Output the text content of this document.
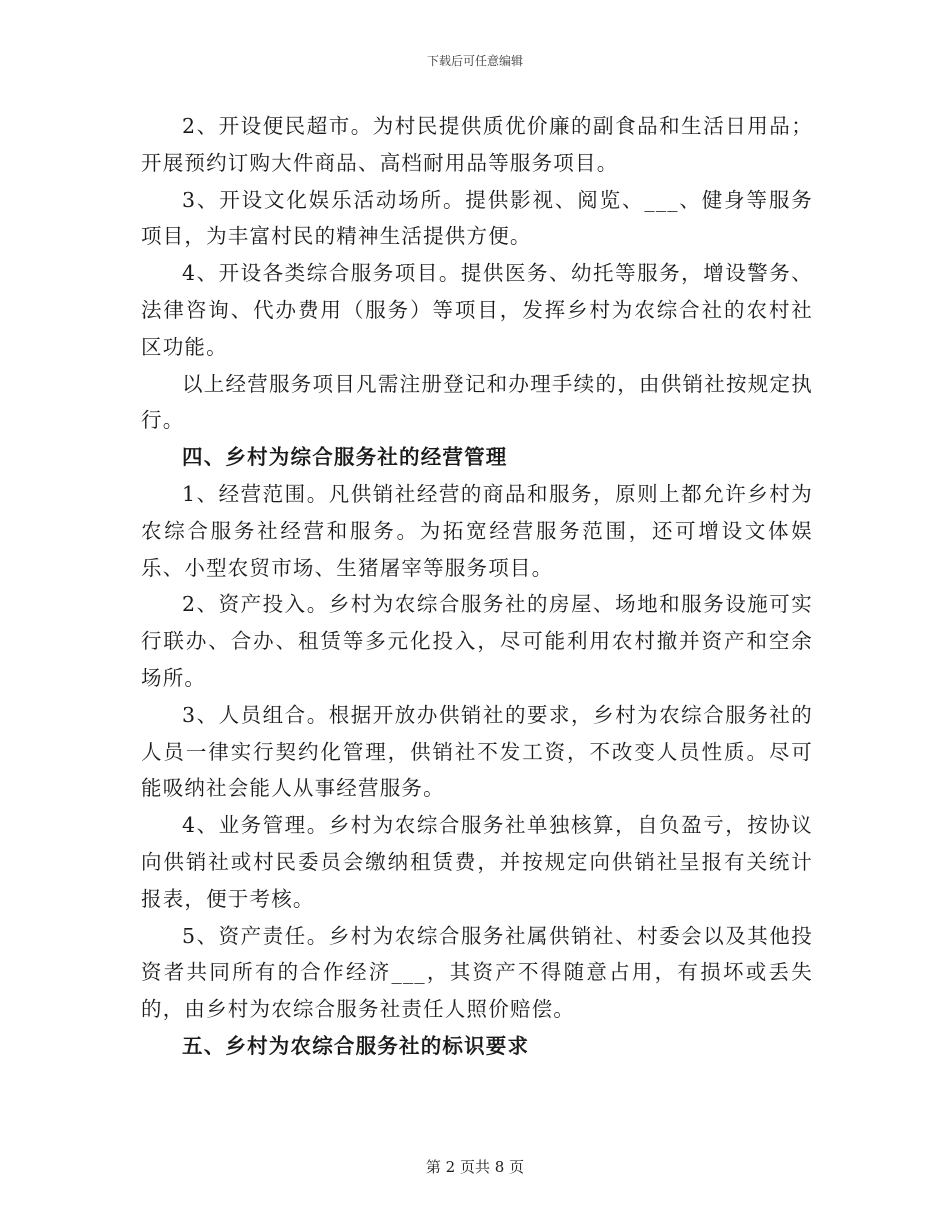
下载后可任意编辑

2、开设便民超市。为村民提供质优价廉的副食品和生活日用品；开展预约订购大件商品、高档耐用品等服务项目。

3、开设文化娱乐活动场所。提供影视、阅览、___、健身等服务项目，为丰富村民的精神生活提供方便。

4、开设各类综合服务项目。提供医务、幼托等服务，增设警务、法律咨询、代办费用（服务）等项目，发挥乡村为农综合社的农村社区功能。

以上经营服务项目凡需注册登记和办理手续的，由供销社按规定执行。

四、乡村为综合服务社的经营管理

1、经营范围。凡供销社经营的商品和服务，原则上都允许乡村为农综合服务社经营和服务。为拓宽经营服务范围，还可增设文体娱乐、小型农贸市场、生猪屠宰等服务项目。

2、资产投入。乡村为农综合服务社的房屋、场地和服务设施可实行联办、合办、租赁等多元化投入，尽可能利用农村撤并资产和空余场所。

3、人员组合。根据开放办供销社的要求，乡村为农综合服务社的人员一律实行契约化管理，供销社不发工资，不改变人员性质。尽可能吸纳社会能人从事经营服务。

4、业务管理。乡村为农综合服务社单独核算，自负盈亏，按协议向供销社或村民委员会缴纳租赁费，并按规定向供销社呈报有关统计报表，便于考核。

5、资产责任。乡村为农综合服务社属供销社、村委会以及其他投资者共同所有的合作经济___，其资产不得随意占用，有损坏或丢失的，由乡村为农综合服务社责任人照价赔偿。

五、乡村为农综合服务社的标识要求

第 2 页共 8 页
